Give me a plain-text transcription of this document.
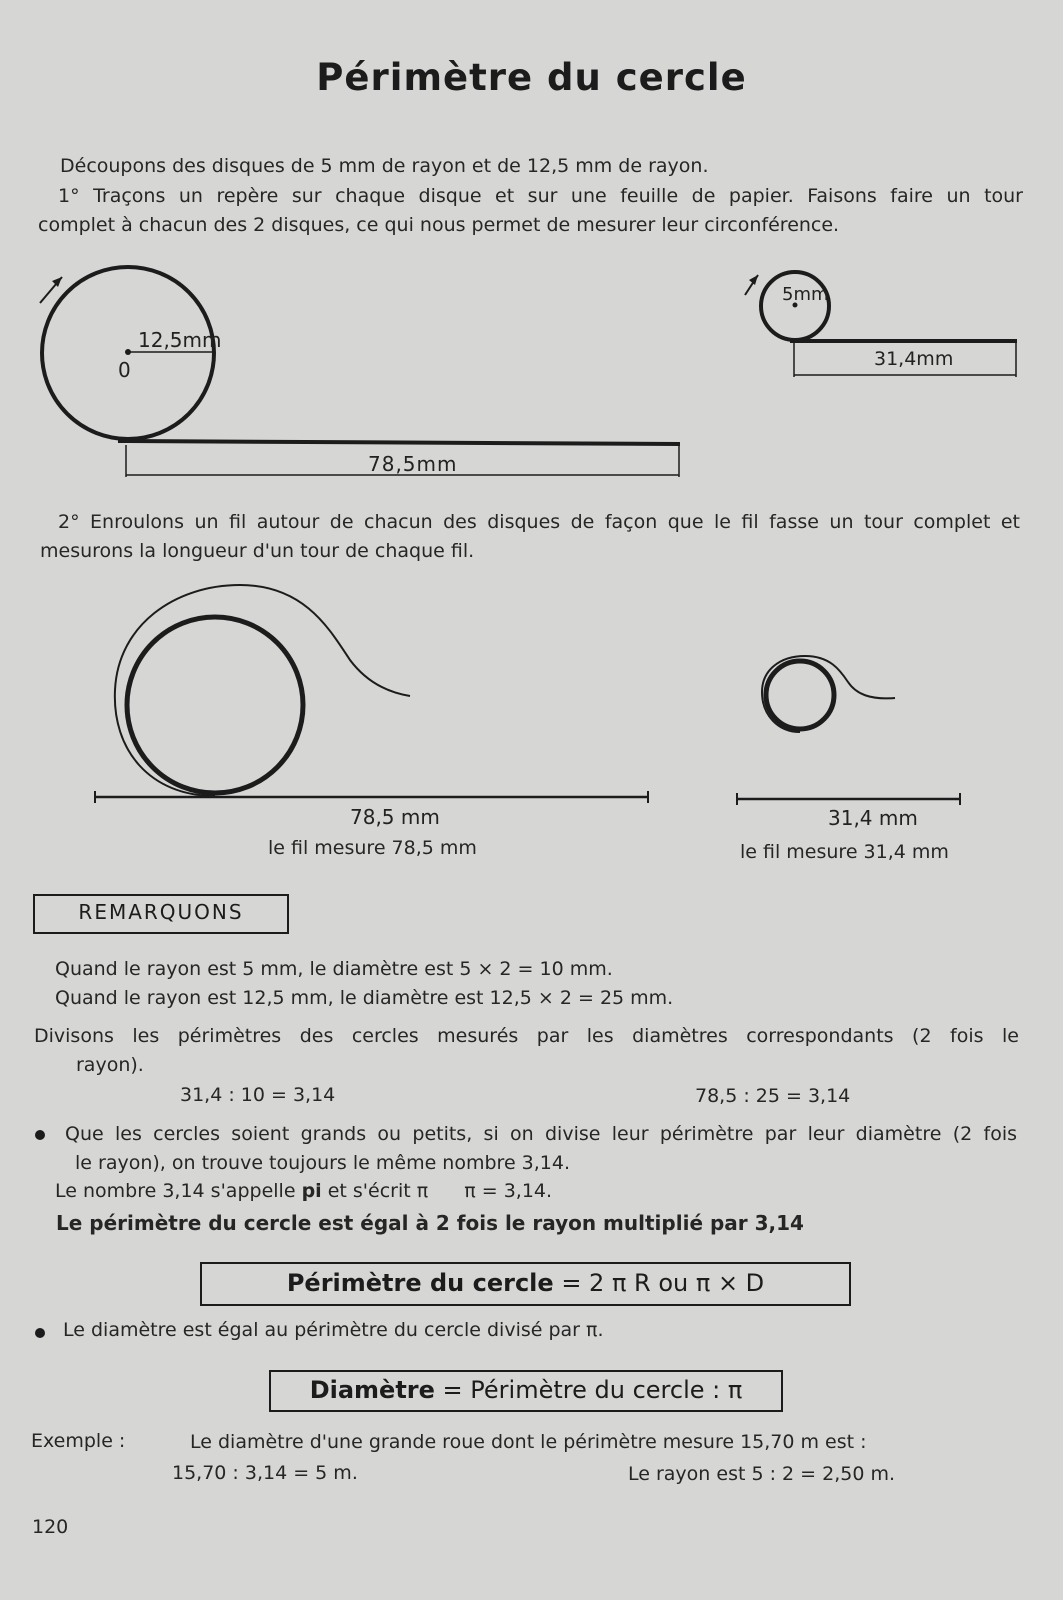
Périmètre du cercle
Découpons des disques de 5 mm de rayon et de 12,5 mm de rayon.
1° Traçons un repère sur chaque disque et sur une feuille de papier. Faisons faire un tour
complet à chacun des 2 disques, ce qui nous permet de mesurer leur circonférence.
12,5mm
0
78,5mm
5mm
31,4mm
2° Enroulons un fil autour de chacun des disques de façon que le fil fasse un tour complet et
mesurons la longueur d'un tour de chaque fil.
78,5 mm
le fil mesure 78,5 mm
31,4 mm
le fil mesure 31,4 mm
REMARQUONS
Quand le rayon est 5 mm, le diamètre est 5 × 2 = 10 mm.
Quand le rayon est 12,5 mm, le diamètre est 12,5 × 2 = 25 mm.
Divisons les périmètres des cercles mesurés par les diamètres correspondants (2 fois le
rayon).
31,4 : 10 = 3,14	78,5 : 25 = 3,14
Que les cercles soient grands ou petits, si on divise leur périmètre par leur diamètre (2 fois
le rayon), on trouve toujours le même nombre 3,14.
Le nombre 3,14 s'appelle pi et s'écrit π π = 3,14.
Le périmètre du cercle est égal à 2 fois le rayon multiplié par 3,14
Périmètre du cercle = 2 π R ou π × D
Le diamètre est égal au périmètre du cercle divisé par π.
Diamètre = Périmètre du cercle : π
Exemple :	Le diamètre d'une grande roue dont le périmètre mesure 15,70 m est :
15,70 : 3,14 = 5 m.	Le rayon est 5 : 2 = 2,50 m.
120
